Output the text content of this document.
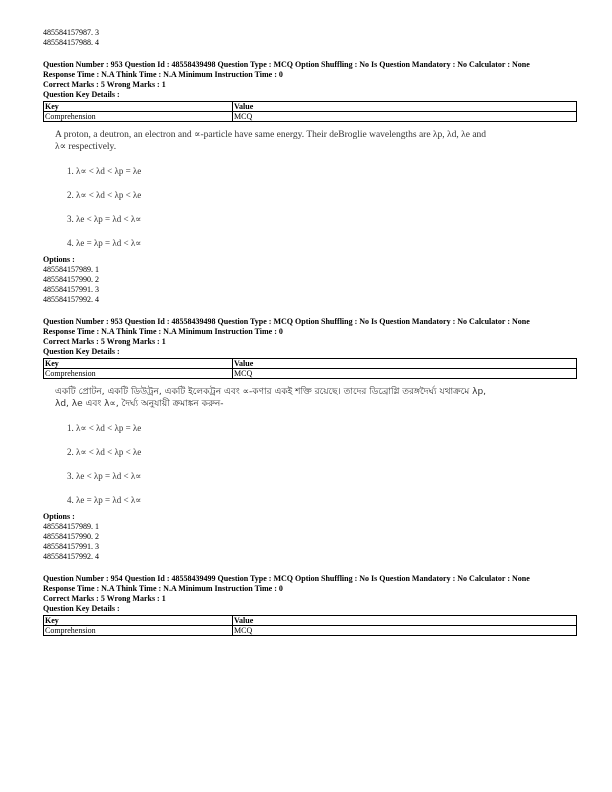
485584157987. 3
485584157988. 4
Question Number : 953 Question Id : 48558439498 Question Type : MCQ Option Shuffling : No Is Question Mandatory : No Calculator : None
Response Time : N.A Think Time : N.A Minimum Instruction Time : 0
Correct Marks : 5 Wrong Marks : 1
Question Key Details :
Key	Value
Comprehension	MCQ
A proton, a deutron, an electron and ∝-particle have same energy. Their deBroglie wavelengths are λp, λd, λe and λ∝ respectively.
1. λ∝ < λd < λp = λe
2. λ∝ < λd < λp < λe
3. λe < λp = λd < λ∝
4. λe = λp = λd < λ∝
Options :
485584157989. 1
485584157990. 2
485584157991. 3
485584157992. 4
Question Number : 953 Question Id : 48558439498 Question Type : MCQ Option Shuffling : No Is Question Mandatory : No Calculator : None
Response Time : N.A Think Time : N.A Minimum Instruction Time : 0
Correct Marks : 5 Wrong Marks : 1
Question Key Details :
Key	Value
Comprehension	MCQ
একটি প্রোটন, একটি ডিউট্রন, একটি ইলেকট্রন এবং ∝-কণার একই শক্তি রয়েছে। তাদের ডিব্রোগ্লি তরঙ্গদৈর্ঘ্য যথাক্রমে λp, λd, λe এবং λ∝, দৈর্ঘ্য অনুযায়ী ক্রমাঙ্কন করুন-
1. λ∝ < λd < λp = λe
2. λ∝ < λd < λp < λe
3. λe < λp = λd < λ∝
4. λe = λp = λd < λ∝
Options :
485584157989. 1
485584157990. 2
485584157991. 3
485584157992. 4
Question Number : 954 Question Id : 48558439499 Question Type : MCQ Option Shuffling : No Is Question Mandatory : No Calculator : None
Response Time : N.A Think Time : N.A Minimum Instruction Time : 0
Correct Marks : 5 Wrong Marks : 1
Question Key Details :
Key	Value
Comprehension	MCQ
